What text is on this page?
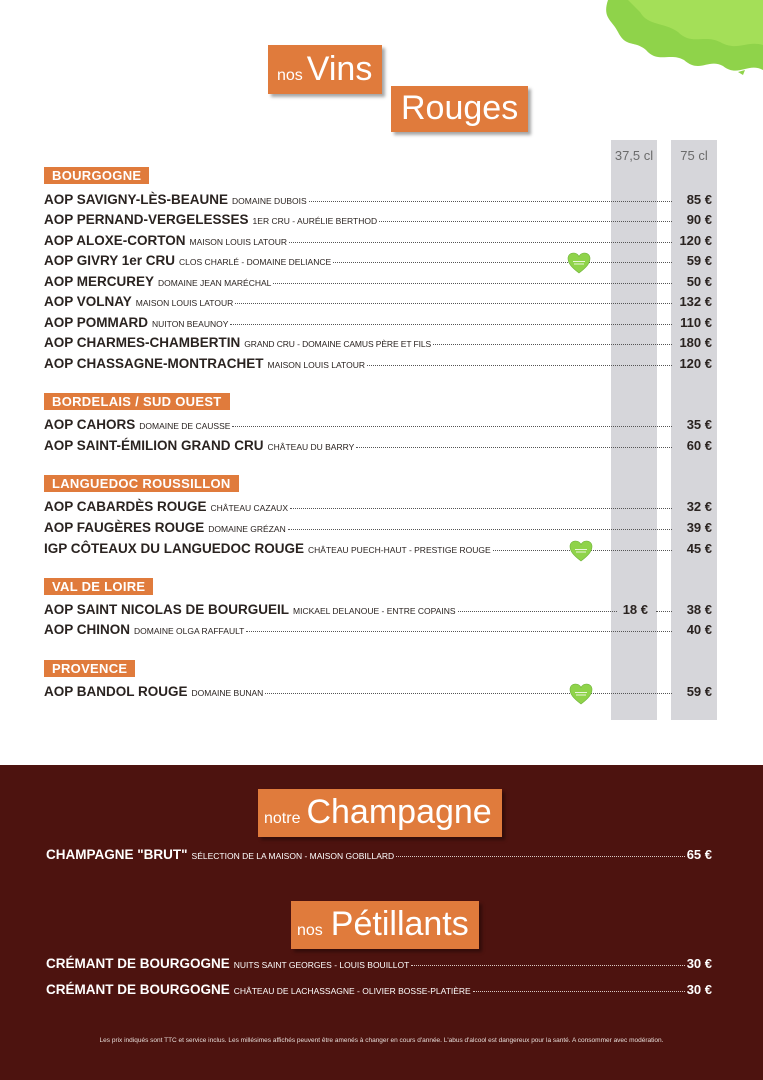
nos Vins
Rouges
37,5 cl	75 cl
BOURGOGNE
BORDELAIS / SUD OUEST
LANGUEDOC ROUSSILLON
VAL DE LOIRE
PROVENCE
AOP SAVIGNY-LÈS-BEAUNE DOMAINE DUBOIS	85 €
AOP PERNAND-VERGELESSES 1ER CRU - AURÉLIE BERTHOD	90 €
AOP ALOXE-CORTON MAISON LOUIS LATOUR	120 €
AOP GIVRY 1er CRU CLOS CHARLÉ - DOMAINE DELIANCE	59 €
AOP MERCUREY DOMAINE JEAN MARÉCHAL	50 €
AOP VOLNAY MAISON LOUIS LATOUR	132 €
AOP POMMARD NUITON BEAUNOY	110 €
AOP CHARMES-CHAMBERTIN GRAND CRU - DOMAINE CAMUS PÈRE ET FILS	180 €
AOP CHASSAGNE-MONTRACHET MAISON LOUIS LATOUR	120 €
AOP CAHORS DOMAINE DE CAUSSE	35 €
AOP SAINT-ÉMILION GRAND CRU CHÂTEAU DU BARRY	60 €
AOP CABARDÈS ROUGE CHÂTEAU CAZAUX	32 €
AOP FAUGÈRES ROUGE DOMAINE GRÉZAN	39 €
IGP CÔTEAUX DU LANGUEDOC ROUGE CHÂTEAU PUECH-HAUT - PRESTIGE ROUGE	45 €
AOP SAINT NICOLAS DE BOURGUEIL MICKAEL DELANOUE - ENTRE COPAINS	18 €	38 €
AOP CHINON DOMAINE OLGA RAFFAULT	40 €
AOP BANDOL ROUGE DOMAINE BUNAN	59 €
notre Champagne
CHAMPAGNE "BRUT" SÉLECTION DE LA MAISON - MAISON GOBILLARD	65 €
nos Pétillants
CRÉMANT DE BOURGOGNE NUITS SAINT GEORGES - LOUIS BOUILLOT	30 €
CRÉMANT DE BOURGOGNE CHÂTEAU DE LACHASSAGNE - OLIVIER BOSSE-PLATIÈRE	30 €
Les prix indiqués sont TTC et service inclus. Les millésimes affichés peuvent être amenés à changer en cours d'année. L'abus d'alcool est dangereux pour la santé. A consommer avec modération.
